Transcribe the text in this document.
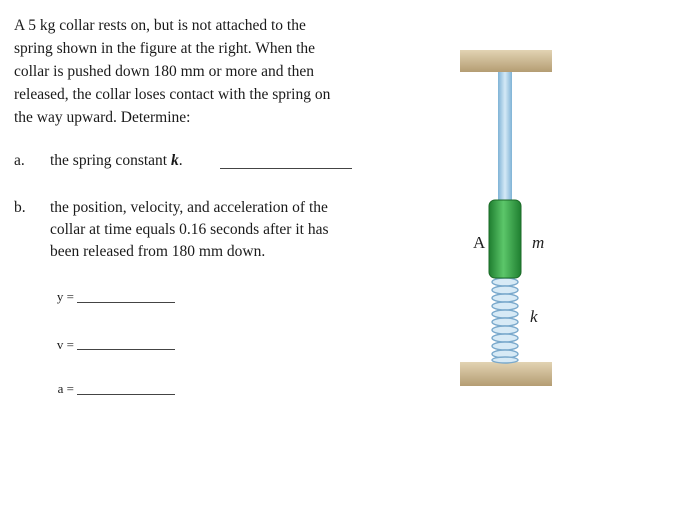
A 5 kg collar rests on, but is not attached to the
spring shown in the figure at the right. When the
collar is pushed down 180 mm or more and then
released, the collar loses contact with the spring on
the way upward. Determine:
a. the spring constant k.
b. the position, velocity, and acceleration of the
collar at time equals 0.16 seconds after it has
been released from 180 mm down.
y =
v =
a =
A	m
k
